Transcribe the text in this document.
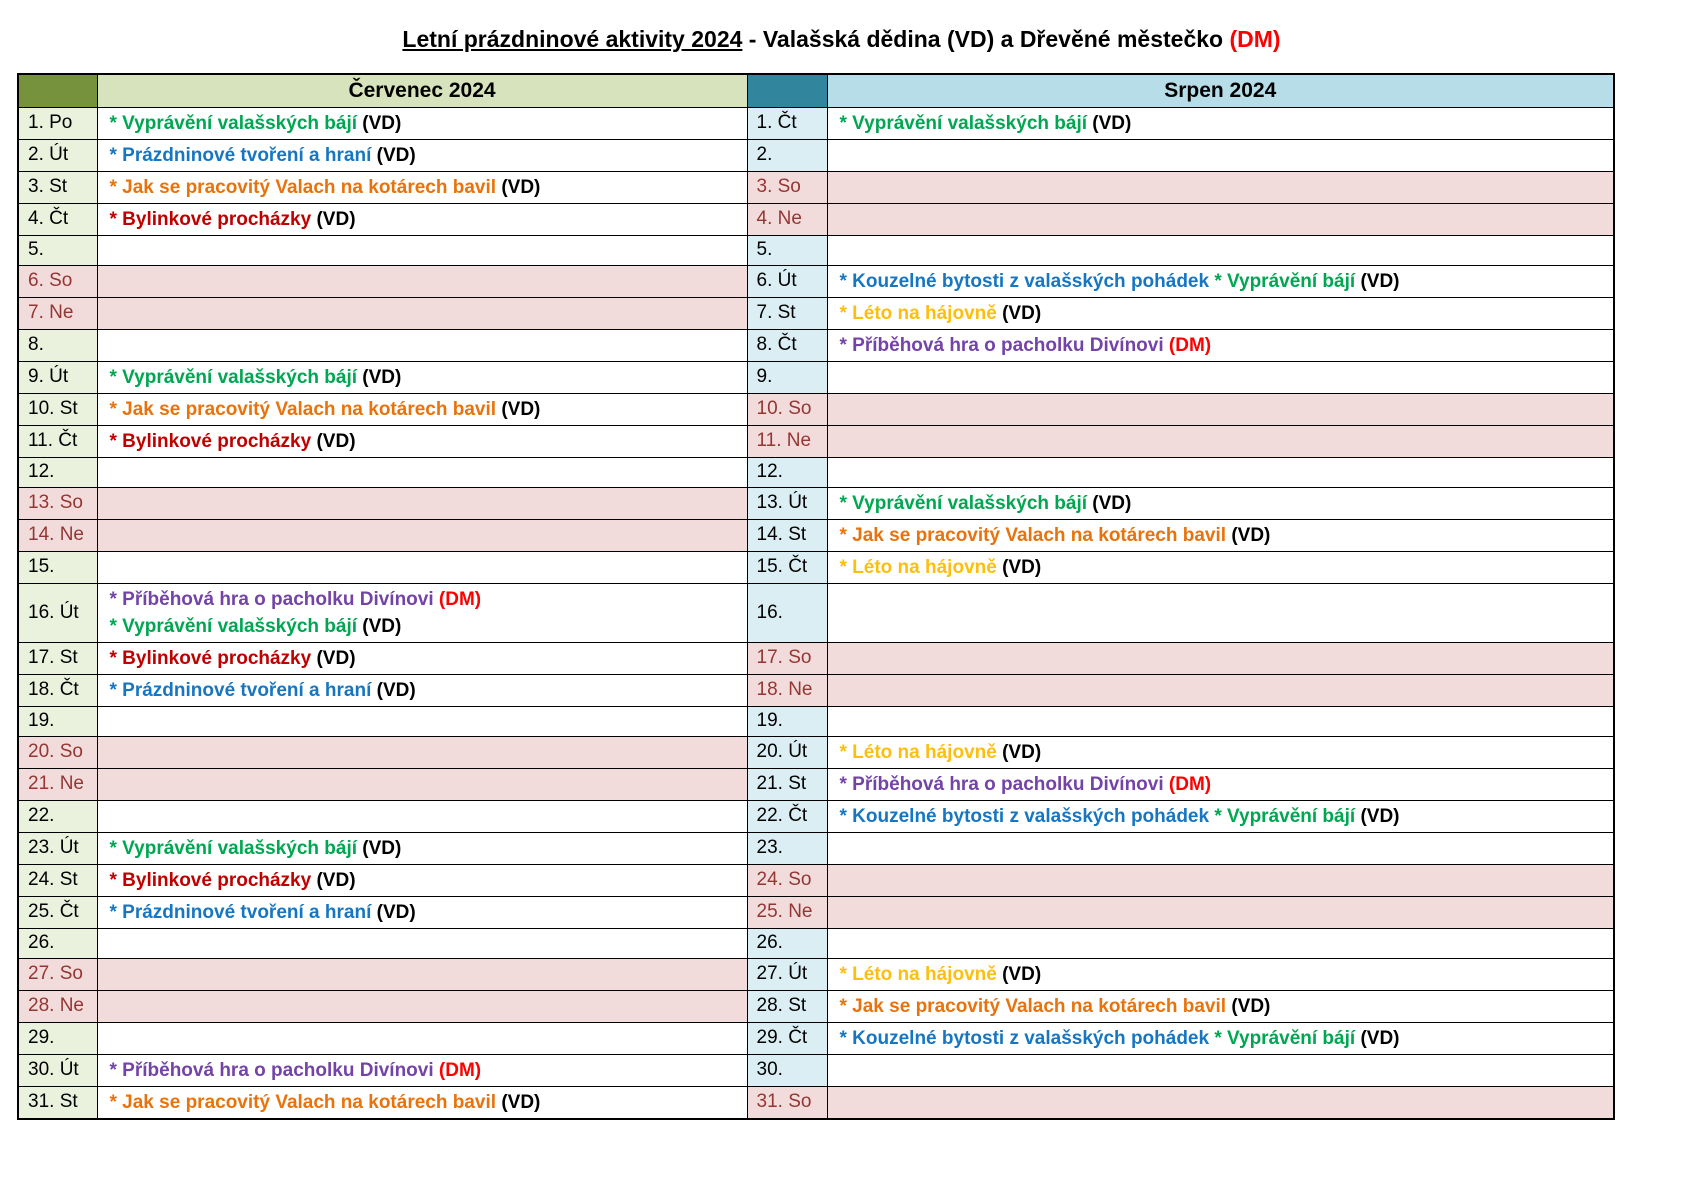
Letní prázdninové aktivity 2024 - Valašská dědina (VD) a Dřevěné městečko (DM)
	Červenec 2024		Srpen 2024
1. Po	* Vyprávění valašských bájí (VD)	1. Čt	* Vyprávění valašských bájí (VD)

2. Út	* Prázdninové tvoření a hraní (VD)	2.	
3. St	* Jak se pracovitý Valach na kotárech bavil (VD)	3. So	
4. Čt	* Bylinkové procházky (VD)	4. Ne	
5.		5.	
6. So		6. Út	* Kouzelné bytosti z valašských pohádek * Vyprávění bájí (VD)

7. Ne		7. St	* Léto na hájovně (VD)

8.		8. Čt	* Příběhová hra o pacholku Divínovi (DM)

9. Út	* Vyprávění valašských bájí (VD)	9.	
10. St	* Jak se pracovitý Valach na kotárech bavil (VD)	10. So	
11. Čt	* Bylinkové procházky (VD)	11. Ne	
12.		12.	
13. So		13. Út	* Vyprávění valašských bájí (VD)

14. Ne		14. St	* Jak se pracovitý Valach na kotárech bavil (VD)

15.		15. Čt	* Léto na hájovně (VD)

16. Út	* Příběhová hra o pacholku Divínovi (DM)
* Vyprávění valašských bájí (VD)	16.	
17. St	* Bylinkové procházky (VD)	17. So	
18. Čt	* Prázdninové tvoření a hraní (VD)	18. Ne	
19.		19.	
20. So		20. Út	* Léto na hájovně (VD)

21. Ne		21. St	* Příběhová hra o pacholku Divínovi (DM)

22.		22. Čt	* Kouzelné bytosti z valašských pohádek * Vyprávění bájí (VD)

23. Út	* Vyprávění valašských bájí (VD)	23.	
24. St	* Bylinkové procházky (VD)	24. So	
25. Čt	* Prázdninové tvoření a hraní (VD)	25. Ne	
26.		26.	
27. So		27. Út	* Léto na hájovně (VD)

28. Ne		28. St	* Jak se pracovitý Valach na kotárech bavil (VD)

29.		29. Čt	* Kouzelné bytosti z valašských pohádek * Vyprávění bájí (VD)

30. Út	* Příběhová hra o pacholku Divínovi (DM)	30.	
31. St	* Jak se pracovitý Valach na kotárech bavil (VD)	31. So	
